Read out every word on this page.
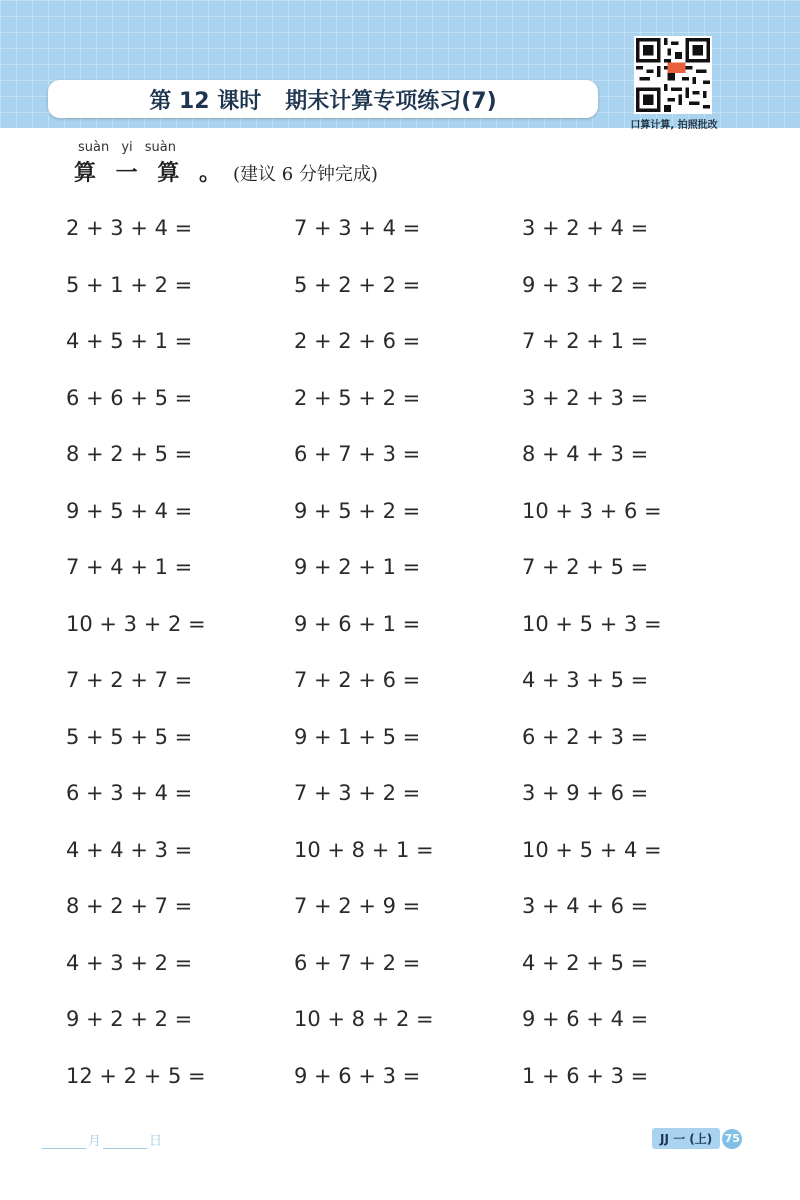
第 12 课时 期末计算专项练习(7)
口算计算, 拍照批改
suàn yi suàn
算 一 算 。 (建议 6 分钟完成)
2 + 3 + 4 =	7 + 3 + 4 =	3 + 2 + 4 =
5 + 1 + 2 =	5 + 2 + 2 =	9 + 3 + 2 =
4 + 5 + 1 =	2 + 2 + 6 =	7 + 2 + 1 =
6 + 6 + 5 =	2 + 5 + 2 =	3 + 2 + 3 =
8 + 2 + 5 =	6 + 7 + 3 =	8 + 4 + 3 =
9 + 5 + 4 =	9 + 5 + 2 =	10 + 3 + 6 =
7 + 4 + 1 =	9 + 2 + 1 =	7 + 2 + 5 =
10 + 3 + 2 =	9 + 6 + 1 =	10 + 5 + 3 =
7 + 2 + 7 =	7 + 2 + 6 =	4 + 3 + 5 =
5 + 5 + 5 =	9 + 1 + 5 =	6 + 2 + 3 =
6 + 3 + 4 =	7 + 3 + 2 =	3 + 9 + 6 =
4 + 4 + 3 =	10 + 8 + 1 =	10 + 5 + 4 =
8 + 2 + 7 =	7 + 2 + 9 =	3 + 4 + 6 =
4 + 3 + 2 =	6 + 7 + 2 =	4 + 2 + 5 =
9 + 2 + 2 =	10 + 8 + 2 =	9 + 6 + 4 =
12 + 2 + 5 =	9 + 6 + 3 =	1 + 6 + 3 =
月	日	JJ 一 (上)	75
